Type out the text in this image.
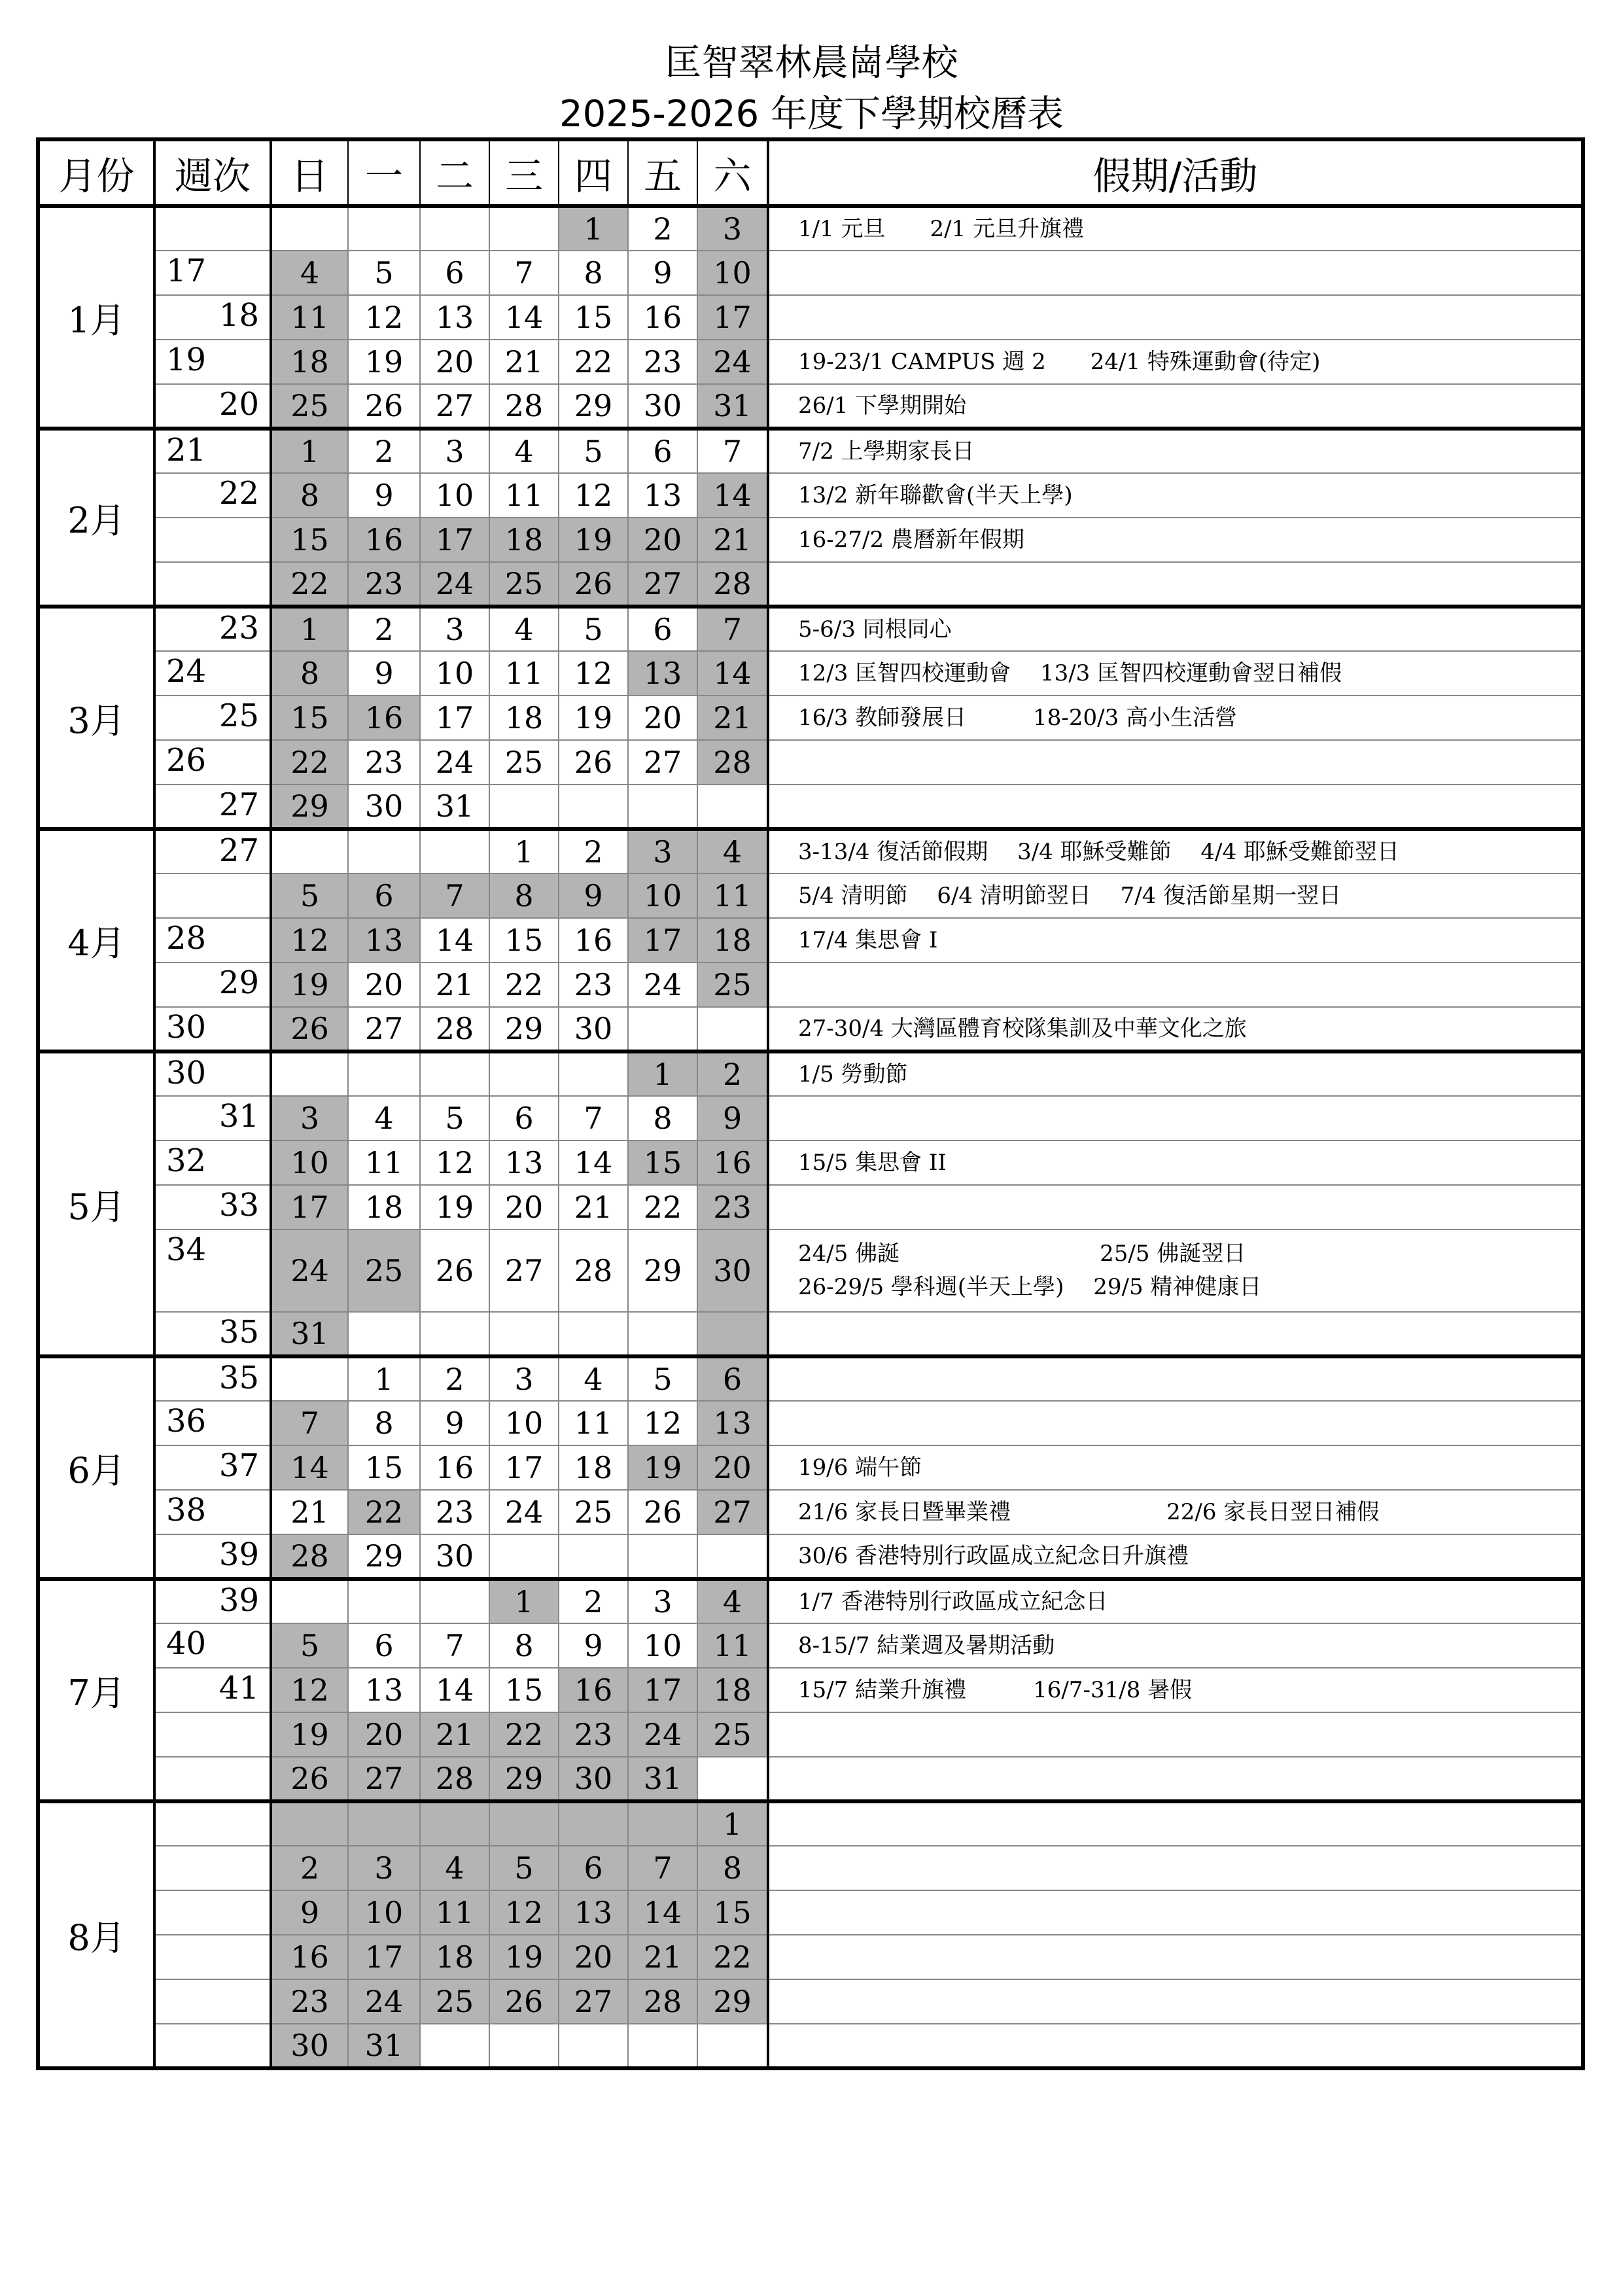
匡智翠林晨崗學校
2025-2026 年度下學期校曆表
月份	週次	日	一	二	三	四	五	六	假期/活動
1月						1	2	3	1/1 元旦　　2/1 元旦升旗禮

	17	4	5	6	7	8	9	10	

	18	11	12	13	14	15	16	17	

	19	18	19	20	21	22	23	24	19-23/1 CAMPUS 週 2　　24/1 特殊運動會(待定)

	20	25	26	27	28	29	30	31	26/1 下學期開始

2月	21	1	2	3	4	5	6	7	7/2 上學期家長日

	22	8	9	10	11	12	13	14	13/2 新年聯歡會(半天上學)

		15	16	17	18	19	20	21	16-27/2 農曆新年假期

		22	23	24	25	26	27	28	

3月	23	1	2	3	4	5	6	7	5-6/3 同根同心

	24	8	9	10	11	12	13	14	12/3 匡智四校運動會　 13/3 匡智四校運動會翌日補假

	25	15	16	17	18	19	20	21	16/3 教師發展日　　　18-20/3 高小生活營

	26	22	23	24	25	26	27	28	

	27	29	30	31					

4月	27				1	2	3	4	3-13/4 復活節假期　 3/4 耶穌受難節　 4/4 耶穌受難節翌日

		5	6	7	8	9	10	11	5/4 清明節　 6/4 清明節翌日　 7/4 復活節星期一翌日

	28	12	13	14	15	16	17	18	17/4 集思會 I

	29	19	20	21	22	23	24	25	

	30	26	27	28	29	30			27-30/4 大灣區體育校隊集訓及中華文化之旅

5月	30						1	2	1/5 勞動節

	31	3	4	5	6	7	8	9	

	32	10	11	12	13	14	15	16	15/5 集思會 II

	33	17	18	19	20	21	22	23	

	34	24	25	26	27	28	29	30	24/5 佛誕　　　　　　　　　25/5 佛誕翌日
26-29/5 學科週(半天上學)　 29/5 精神健康日

	35	31							

6月	35		1	2	3	4	5	6	

	36	7	8	9	10	11	12	13	

	37	14	15	16	17	18	19	20	19/6 端午節

	38	21	22	23	24	25	26	27	21/6 家長日暨畢業禮　　　　　　　22/6 家長日翌日補假

	39	28	29	30					30/6 香港特別行政區成立紀念日升旗禮

7月	39				1	2	3	4	1/7 香港特別行政區成立紀念日

	40	5	6	7	8	9	10	11	8-15/7 結業週及暑期活動

	41	12	13	14	15	16	17	18	15/7 結業升旗禮　　　16/7-31/8 暑假

		19	20	21	22	23	24	25	

		26	27	28	29	30	31		

8月								1	

		2	3	4	5	6	7	8	

		9	10	11	12	13	14	15	

		16	17	18	19	20	21	22	

		23	24	25	26	27	28	29	

		30	31						
